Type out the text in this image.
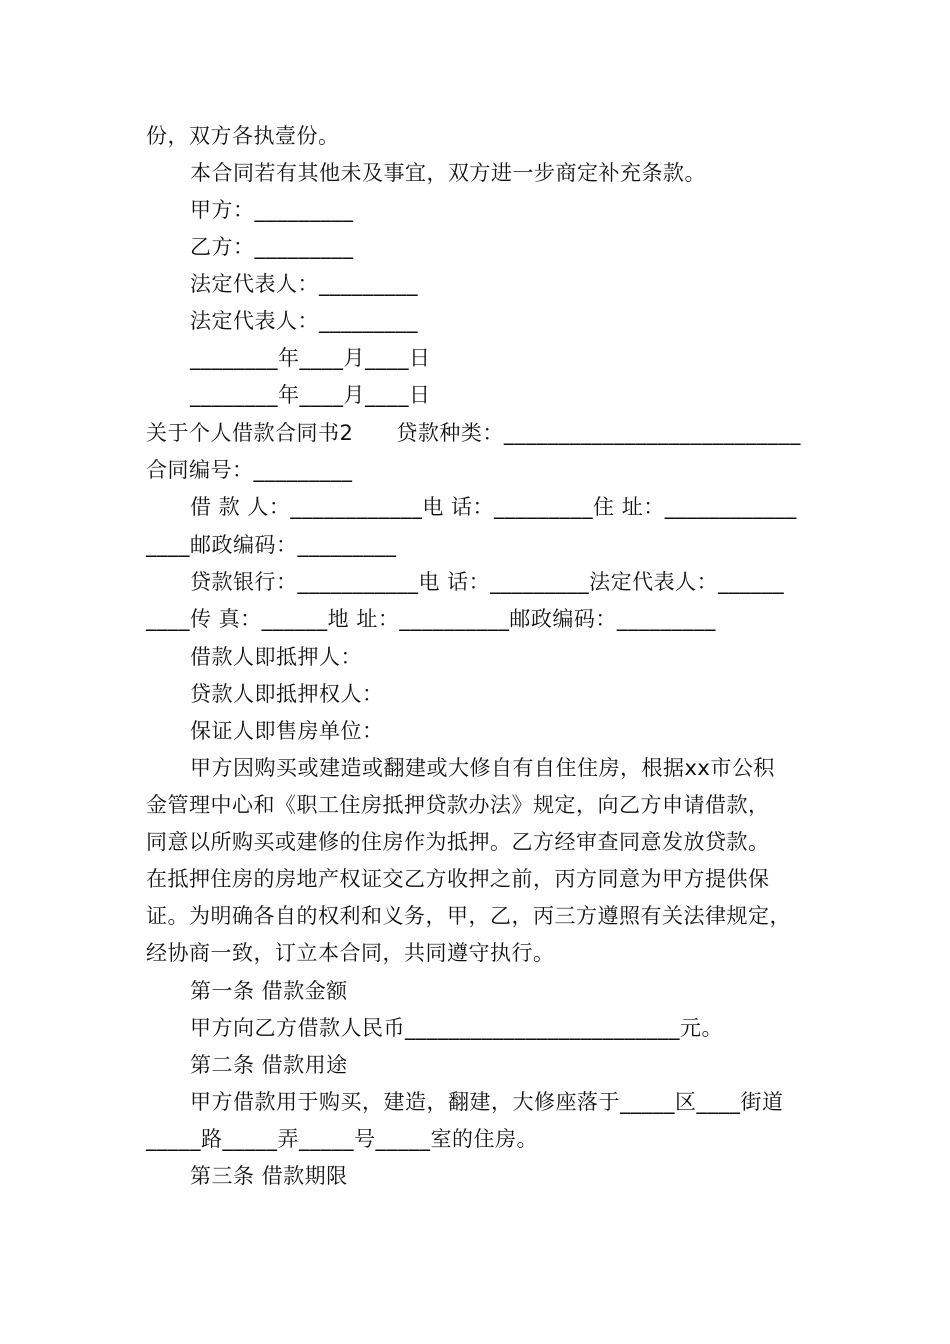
份，双方各执壹份。
本合同若有其他未及事宜，双方进一步商定补充条款。
甲方：_________
乙方：_________
法定代表人：_________
法定代表人：_________
________年____月____日
________年____月____日
关于个人借款合同书2　　贷款种类：___________________________
合同编号：_________
借 款 人：____________电 话：_________住 址：____________
____邮政编码：_________
贷款银行：___________电 话：_________法定代表人：______
____传 真：______地 址：__________邮政编码：_________
借款人即抵押人：
贷款人即抵押权人：
保证人即售房单位：
甲方因购买或建造或翻建或大修自有自住住房，根据xx市公积
金管理中心和《职工住房抵押贷款办法》规定，向乙方申请借款，
同意以所购买或建修的住房作为抵押。乙方经审查同意发放贷款。
在抵押住房的房地产权证交乙方收押之前，丙方同意为甲方提供保
证。为明确各自的权利和义务，甲，乙，丙三方遵照有关法律规定，
经协商一致，订立本合同，共同遵守执行。
第一条 借款金额
甲方向乙方借款人民币_________________________元。
第二条 借款用途
甲方借款用于购买，建造，翻建，大修座落于_____区____街道
_____路_____弄_____号_____室的住房。
第三条 借款期限
